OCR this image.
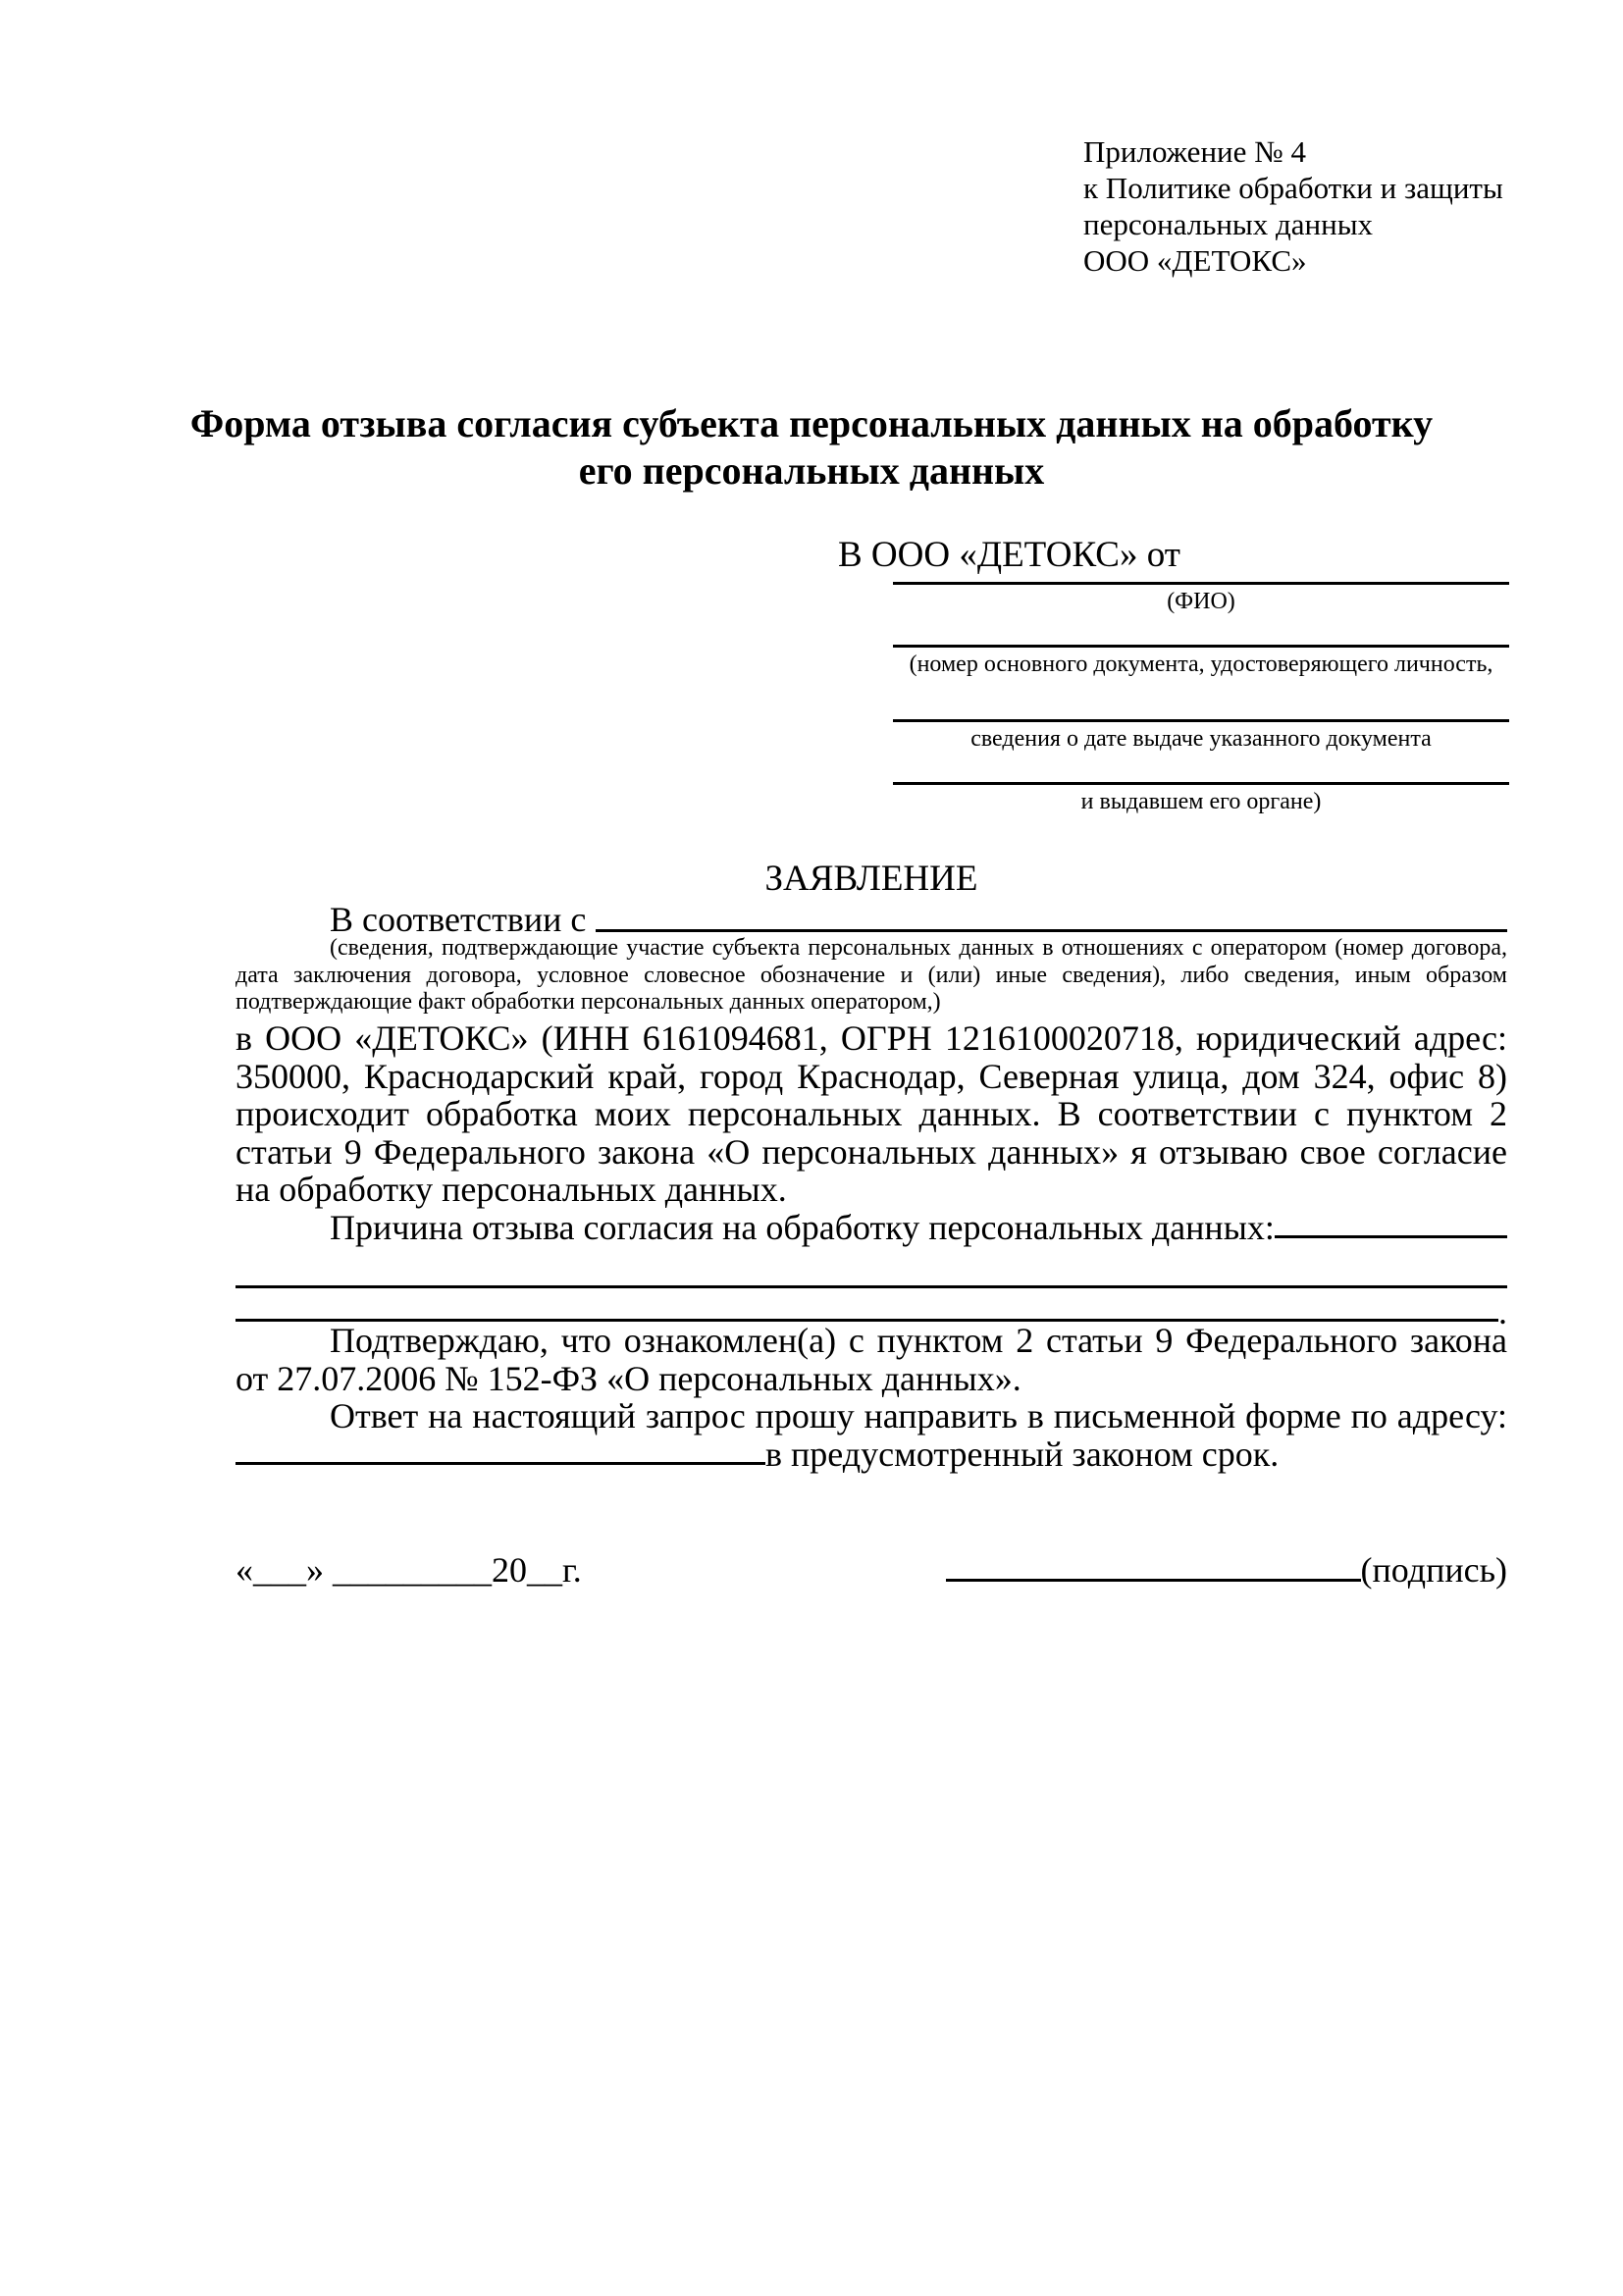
Приложение № 4
к Политике обработки и защиты
персональных данных
ООО «ДЕТОКС»
Форма отзыва согласия субъекта персональных данных на обработку
его персональных данных
В ООО «ДЕТОКС» от
(ФИО)
(номер основного документа, удостоверяющего личность,
сведения о дате выдаче указанного документа
и выдавшем его органе)
ЗАЯВЛЕНИЕ
В соответствии с
(сведения, подтверждающие участие субъекта персональных данных в отношениях с оператором (номер договора, дата заключения договора, условное словесное обозначение и (или) иные сведения), либо сведения, иным образом подтверждающие факт обработки персональных данных оператором,)

в ООО «ДЕТОКС» (ИНН 6161094681, ОГРН 1216100020718, юридический адрес: 350000, Краснодарский край, город Краснодар, Северная улица, дом 324, офис 8) происходит обработка моих персональных данных. В соответствии с пунктом 2 статьи 9 Федерального закона «О персональных данных» я отзываю свое согласие на обработку персональных данных.

Причина отзыва согласия на обработку персональных данных:
.

Подтверждаю, что ознакомлен(а) с пунктом 2 статьи 9 Федерального закона от 27.07.2006 № 152-ФЗ «О персональных данных».

Ответ на настоящий запрос прошу направить в письменной форме по адресу:
в предусмотренный законом срок.
«___» _________20__г.	(подпись)
